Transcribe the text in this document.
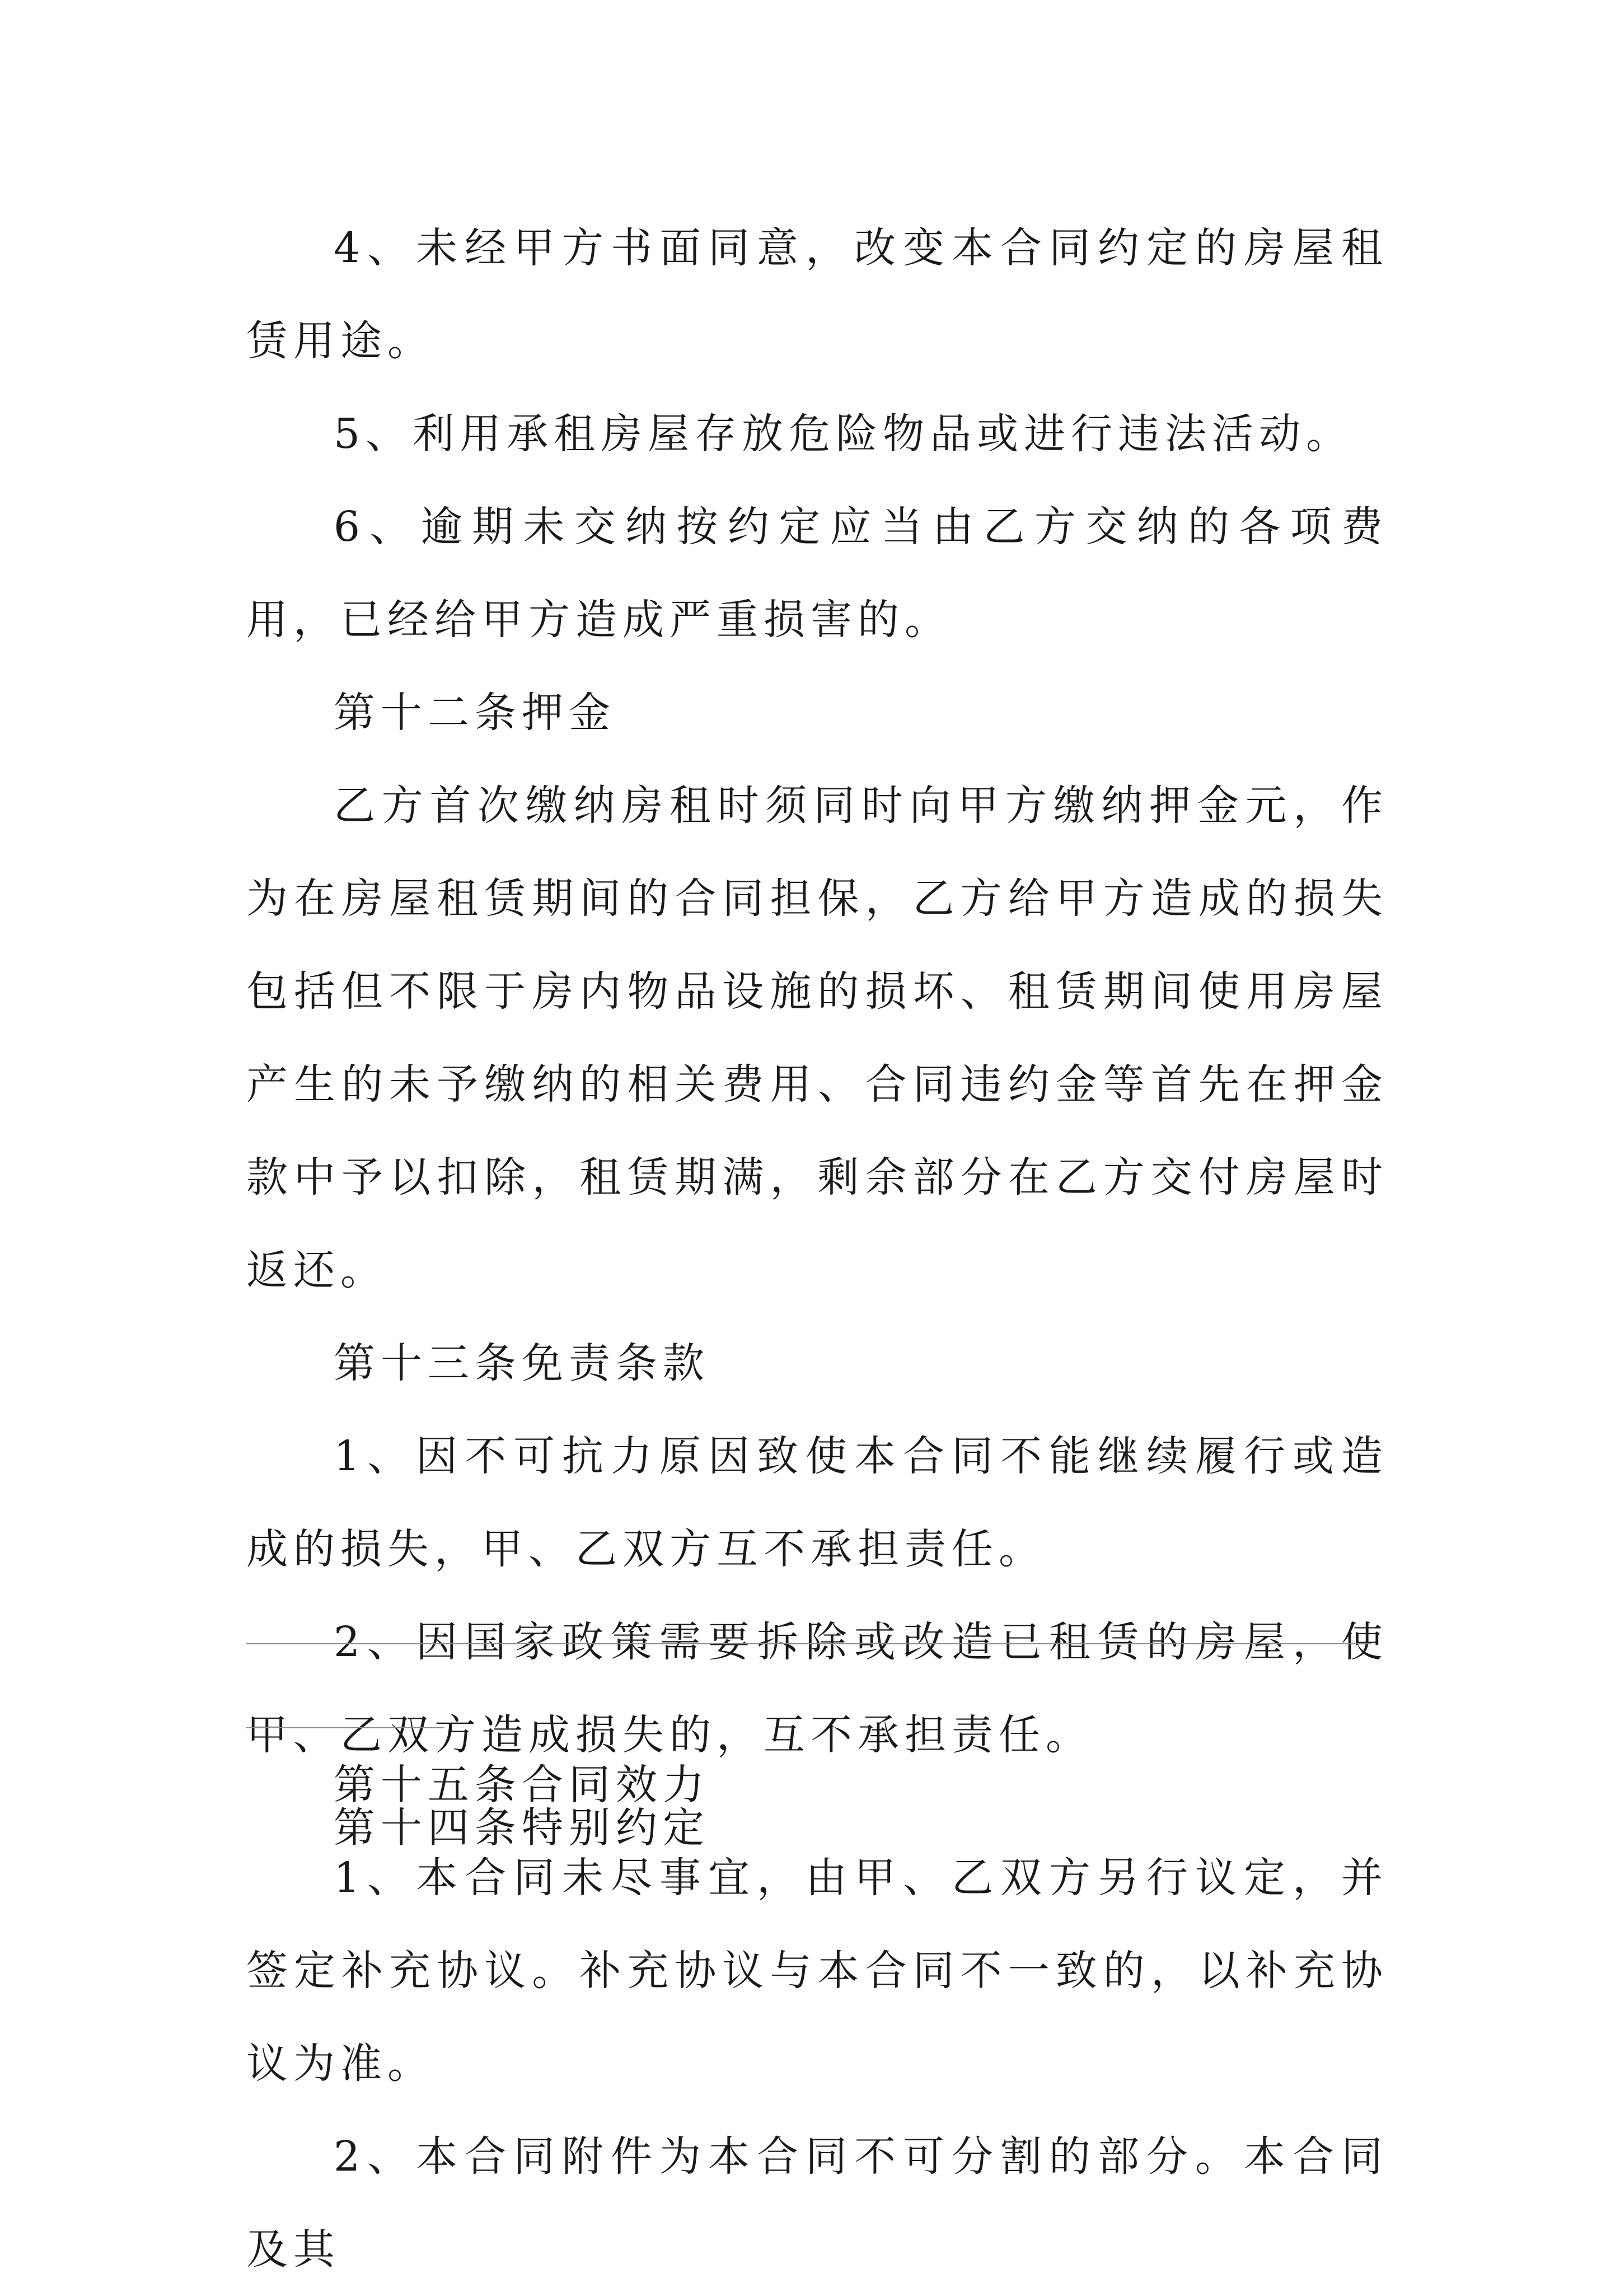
4、未经甲方书面同意，改变本合同约定的房屋租赁用途。

5、利用承租房屋存放危险物品或进行违法活动。

6、逾期未交纳按约定应当由乙方交纳的各项费用，已经给甲方造成严重损害的。

第十二条押金

乙方首次缴纳房租时须同时向甲方缴纳押金元，作为在房屋租赁期间的合同担保，乙方给甲方造成的损失包括但不限于房内物品设施的损坏、租赁期间使用房屋产生的未予缴纳的相关费用、合同违约金等首先在押金款中予以扣除，租赁期满，剩余部分在乙方交付房屋时返还。

第十三条免责条款

1、因不可抗力原因致使本合同不能继续履行或造成的损失，甲、乙双方互不承担责任。

2、因国家政策需要拆除或改造已租赁的房屋，使甲、乙双方造成损失的，互不承担责任。

第十四条特别约定

第十五条合同效力

1、本合同未尽事宜，由甲、乙双方另行议定，并签定补充协议。补充协议与本合同不一致的，以补充协议为准。

2、本合同附件为本合同不可分割的部分。本合同及其
